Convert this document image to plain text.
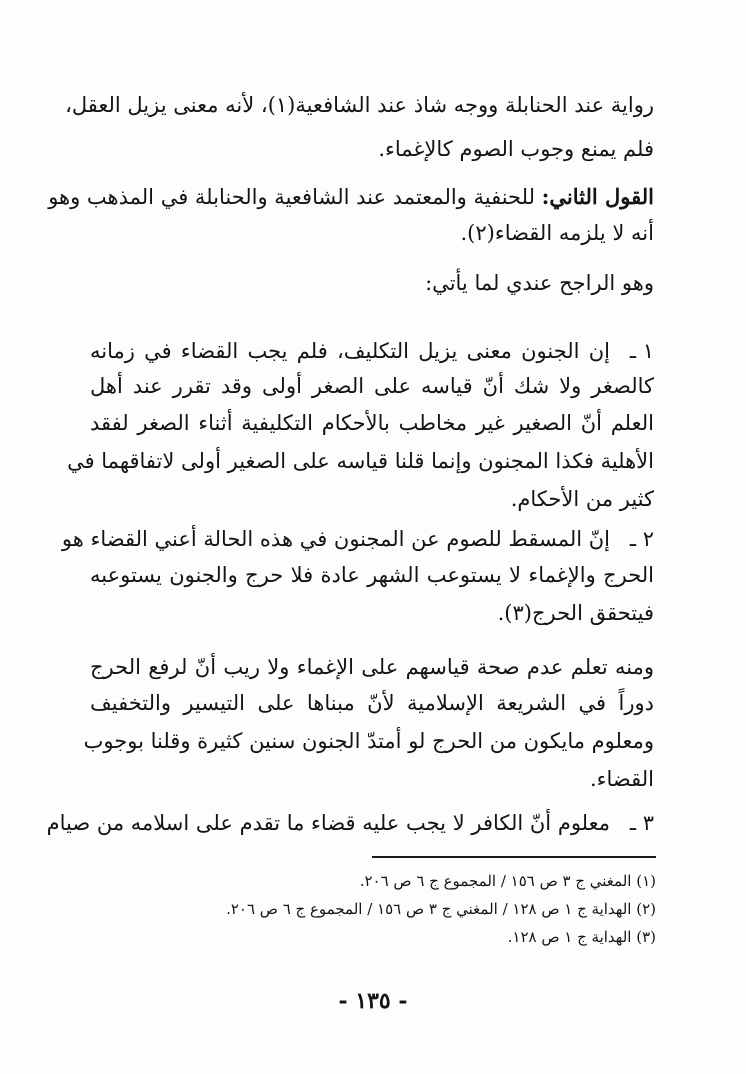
رواية عند الحنابلة ووجه شاذ عند الشافعية(١)، لأنه معنى يزيل العقل،
فلم يمنع وجوب الصوم كالإغماء.
القول الثاني: للحنفية والمعتمد عند الشافعية والحنابلة في المذهب وهو
أنه لا يلزمه القضاء(٢).
وهو الراجح عندي لما يأتي:
١ ـ
إن الجنون معنى يزيل التكليف، فلم يجب القضاء في زمانه
كالصغر ولا شك أنّ قياسه على الصغر أولى وقد تقرر عند أهل
العلم أنّ الصغير غير مخاطب بالأحكام التكليفية أثناء الصغر لفقد
الأهلية فكذا المجنون وإنما قلنا قياسه على الصغير أولى لاتفاقهما في
كثير من الأحكام.
٢ ـ
إنّ المسقط للصوم عن المجنون في هذه الحالة أعني القضاء هو
الحرج والإغماء لا يستوعب الشهر عادة فلا حرج والجنون يستوعبه
فيتحقق الحرج(٣).
ومنه تعلم عدم صحة قياسهم على الإغماء ولا ريب أنّ لرفع الحرج
دوراً في الشريعة الإسلامية لأنّ مبناها على التيسير والتخفيف
ومعلوم مايكون من الحرج لو أمتدّ الجنون سنين كثيرة وقلنا بوجوب
القضاء.
٣ ـ
معلوم أنّ الكافر لا يجب عليه قضاء ما تقدم على اسلامه من صيام
(١) المغني ج ٣ ص ١٥٦ / المجموع ج ٦ ص ٢٠٦.
(٢) الهداية ج ١ ص ١٢٨ / المغني ج ٣ ص ١٥٦ / المجموع ج ٦ ص ٢٠٦.
(٣) الهداية ج ١ ص ١٢٨.
- ١٣٥ -
